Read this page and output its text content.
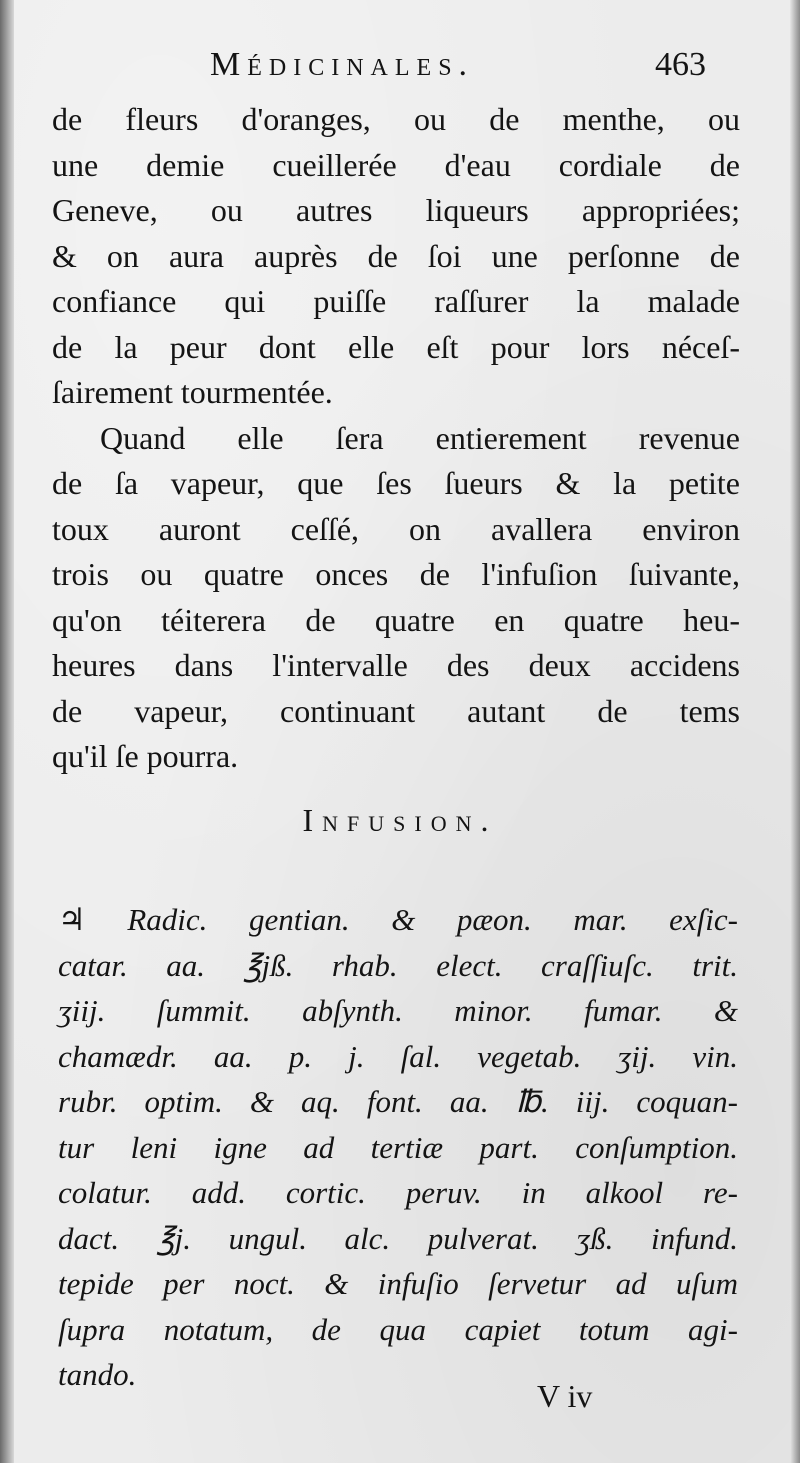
Médicinales.	463
de fleurs d'oranges, ou de menthe, ou
une demie cueillerée d'eau cordiale de
Geneve, ou autres liqueurs appropriées;
& on aura auprès de ſoi une perſonne de
confiance qui puiſſe raſſurer la malade
de la peur dont elle eſt pour lors néceſ-
ſairement tourmentée.
Quand elle ſera entierement revenue
de ſa vapeur, que ſes ſueurs & la petite
toux auront ceſſé, on avallera environ
trois ou quatre onces de l'infuſion ſuivante,
qu'on téiterera de quatre en quatre heu-
heures dans l'intervalle des deux accidens
de vapeur, continuant autant de tems
qu'il ſe pourra.
Infusion.
♃ Radic. gentian. & pæon. mar. exſic-
catar. aa. ℥jß. rhab. elect. craſſiuſc. trit.
ʒiij. ſummit. abſynth. minor. fumar. &
chamædr. aa. p. j. ſal. vegetab. ʒij. vin.
rubr. optim. & aq. font. aa. ℔. iij. coquan-
tur leni igne ad tertiæ part. conſumption.
colatur. add. cortic. peruv. in alkool re-
dact. ℥j. ungul. alc. pulverat. ʒß. infund.
tepide per noct. & infuſio ſervetur ad uſum
ſupra notatum, de qua capiet totum agi-
tando.
V iv
